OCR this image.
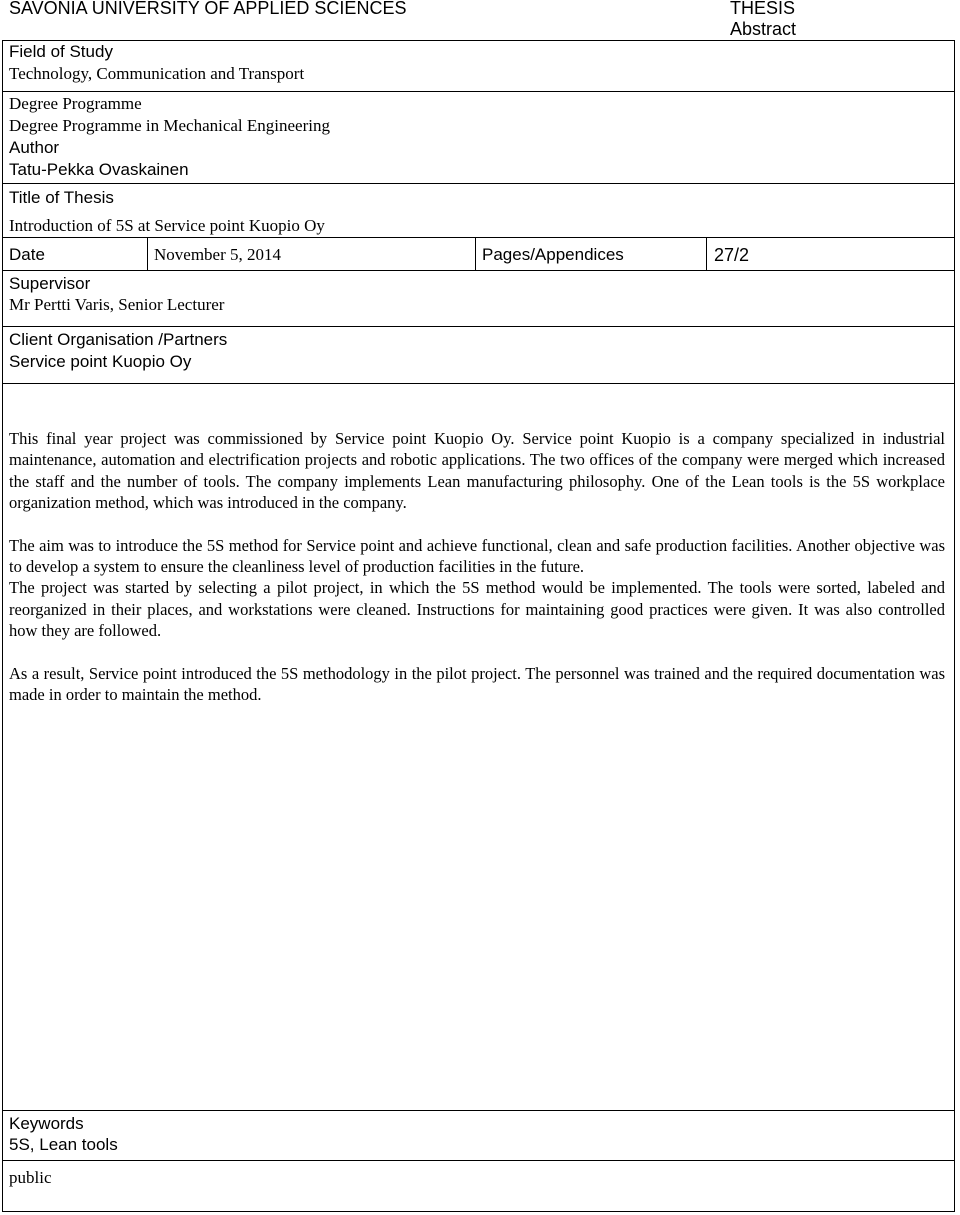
SAVONIA UNIVERSITY OF APPLIED SCIENCES	THESIS
Abstract
Field of Study
Technology, Communication and Transport
Degree Programme
Degree Programme in Mechanical Engineering
Author
Tatu-Pekka Ovaskainen
Title of Thesis
Introduction of 5S at Service point Kuopio Oy
Date	November 5, 2014	Pages/Appendices	27/2
Supervisor
Mr Pertti Varis, Senior Lecturer
Client Organisation /Partners
Service point Kuopio Oy

This final year project was commissioned by Service point Kuopio Oy. Service point Kuopio is a company specialized in industrial maintenance, automation and electrification projects and robotic applications. The two offices of the company were merged which increased the staff and the number of tools. The company implements Lean manufacturing philosophy. One of the Lean tools is the 5S workplace organization method, which was introduced in the company.

The aim was to introduce the 5S method for Service point and achieve functional, clean and safe production facilities. Another objective was to develop a system to ensure the cleanliness level of production facilities in the future.

The project was started by selecting a pilot project, in which the 5S method would be implemented. The tools were sorted, labeled and reorganized in their places, and workstations were cleaned. Instructions for maintaining good practices were given. It was also controlled how they are followed.

As a result, Service point introduced the 5S methodology in the pilot project. The personnel was trained and the required documentation was made in order to maintain the method.

Keywords
5S, Lean tools
public
